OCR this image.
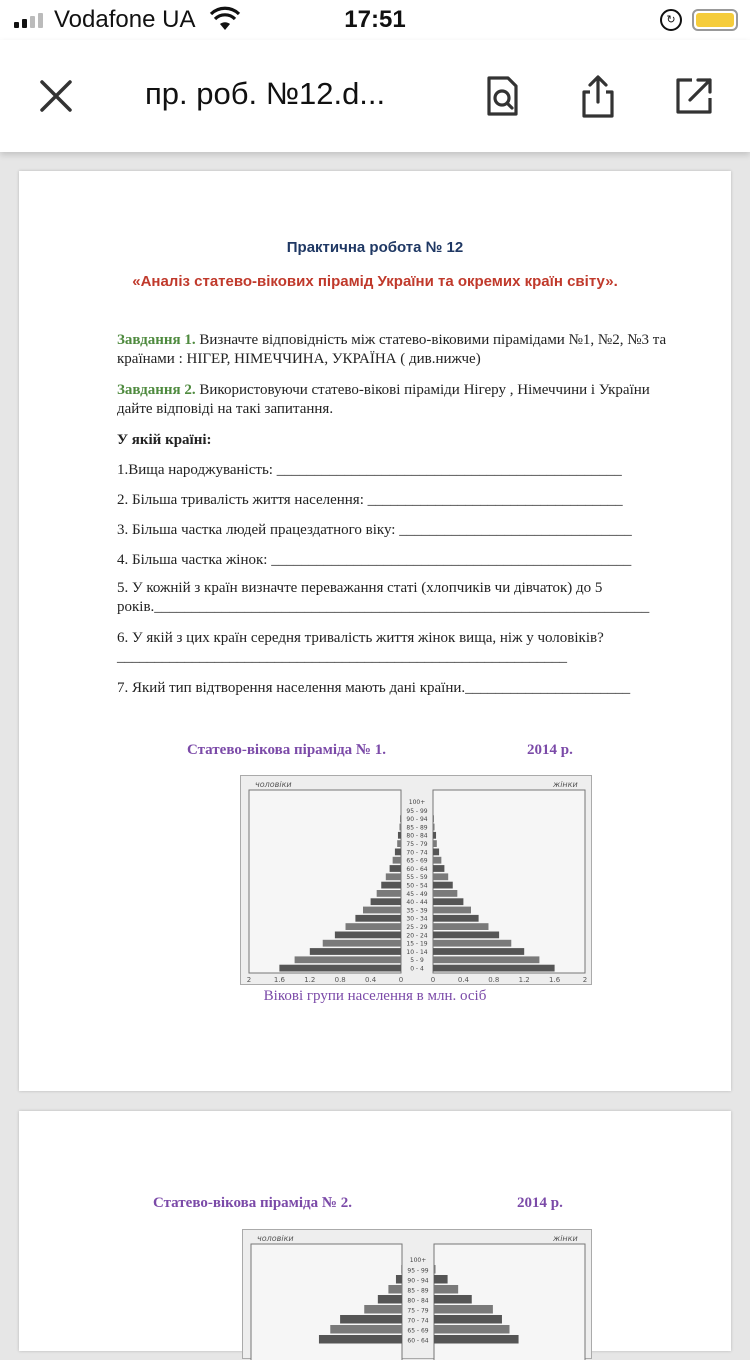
Vodafone UA	17:51	↻
пр. роб. №12.d...
Практична робота № 12
«Аналіз статево-вікових пірамід України та окремих країн світу».
Завдання 1. Визначте відповідність між статево-віковими пірамідами №1, №2, №3 та країнами : НІГЕР, НІМЕЧЧИНА, УКРАЇНА ( див.нижче)
Завдання 2. Використовуючи статево-вікові піраміди Нігеру , Німеччини і України дайте відповіді на такі запитання.
У якій країні:
1.Вища народжуваність: ______________________________________________
2. Більша тривалість життя населення: __________________________________
3. Більша частка людей працездатного віку: _______________________________
4. Більша частка жінок: ________________________________________________
5. У кожній з країн визначте переважання статі (хлопчиків чи дівчаток) до 5 років.__________________________________________________________________
6. У якій з цих країн середня тривалість життя жінок вища, ніж у чоловіків?____________________________________________________________
7. Який тип відтворення населення мають дані країни.______________________
Статево-вікова піраміда № 1.	2014 р.
чоловіки	жінки
100+
95 - 99
90 - 94
85 - 89
80 - 84
75 - 79
70 - 74
65 - 69
60 - 64
55 - 59
50 - 54
45 - 49
40 - 44
35 - 39
30 - 34
25 - 29
20 - 24
15 - 19
10 - 14
5 - 9
0 - 4
2	1.6	1.2	0.8	0.4	0	0	0.4	0.8	1.2	1.6	2
Вікові групи населення в млн. осіб
Статево-вікова піраміда № 2.	2014 р.
чоловіки	жінки
100+
95 - 99
90 - 94
85 - 89
80 - 84
75 - 79
70 - 74
65 - 69
60 - 64
